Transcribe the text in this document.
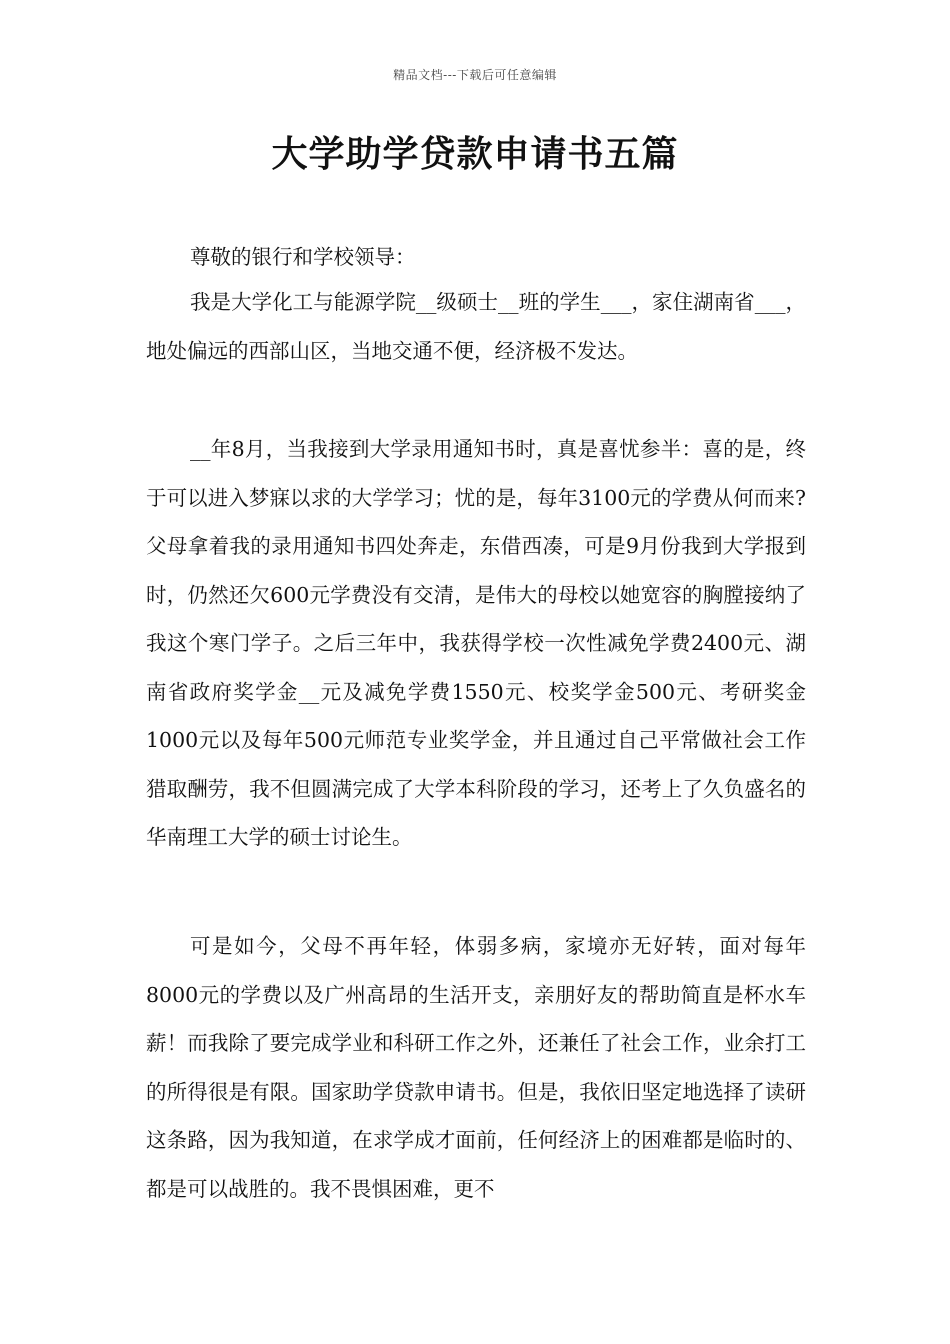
精品文档---下载后可任意编辑
大学助学贷款申请书五篇

尊敬的银行和学校领导：

我是大学化工与能源学院__级硕士__班的学生___，家住湖南省___，地处偏远的西部山区，当地交通不便，经济极不发达。

__年8月，当我接到大学录用通知书时，真是喜忧参半：喜的是，终于可以进入梦寐以求的大学学习；忧的是，每年3100元的学费从何而来?父母拿着我的录用通知书四处奔走，东借西凑，可是9月份我到大学报到时，仍然还欠600元学费没有交清，是伟大的母校以她宽容的胸膛接纳了我这个寒门学子。之后三年中，我获得学校一次性减免学费2400元、湖南省政府奖学金__元及减免学费1550元、校奖学金500元、考研奖金1000元以及每年500元师范专业奖学金，并且通过自己平常做社会工作猎取酬劳，我不但圆满完成了大学本科阶段的学习，还考上了久负盛名的华南理工大学的硕士讨论生。

可是如今，父母不再年轻，体弱多病，家境亦无好转，面对每年8000元的学费以及广州高昂的生活开支，亲朋好友的帮助简直是杯水车薪！而我除了要完成学业和科研工作之外，还兼任了社会工作，业余打工的所得很是有限。国家助学贷款申请书。但是，我依旧坚定地选择了读研这条路，因为我知道，在求学成才面前，任何经济上的困难都是临时的、都是可以战胜的。我不畏惧困难，更不
